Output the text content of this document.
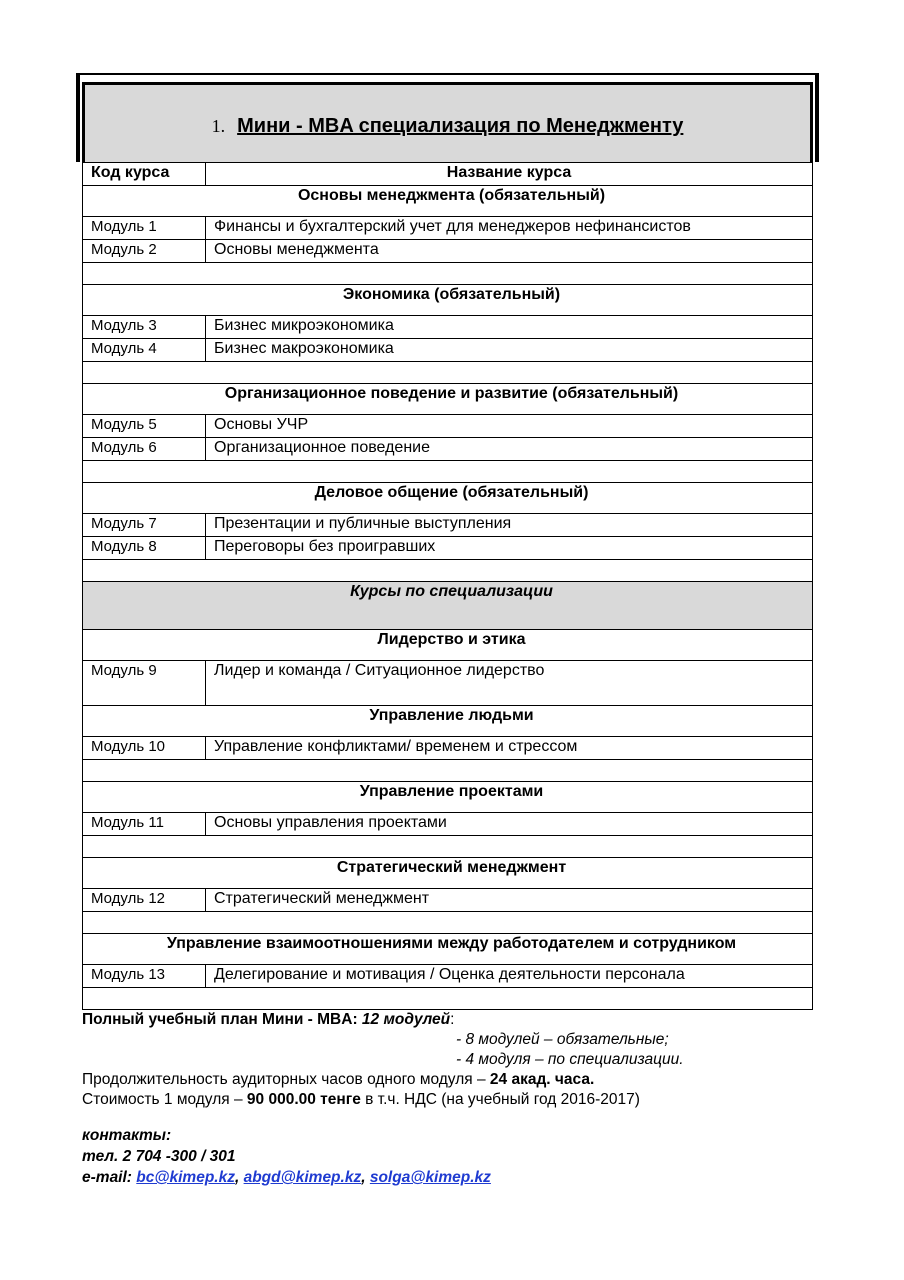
1. Мини - MBA специализация по Менеджменту
Код курса	Название курса
Основы менеджмента (обязательный)	
Модуль 1	Финансы и бухгалтерский учет для менеджеров нефинансистов
Модуль 2	Основы менеджмента

Экономика (обязательный)	
Модуль 3	Бизнес микроэкономика
Модуль 4	Бизнес макроэкономика

Организационное поведение и развитие (обязательный)	
Модуль 5	Основы УЧР
Модуль 6	Организационное поведение

Деловое общение (обязательный)	
Модуль 7	Презентации и публичные выступления
Модуль 8	Переговоры без проигравших

Курсы по специализации	
Лидерство и этика	
Модуль 9	Лидер и команда / Ситуационное лидерство
Управление людьми	
Модуль 10	Управление конфликтами/ временем и стрессом

Управление проектами	
Модуль 11	Основы управления проектами

Стратегический менеджмент	
Модуль 12	Стратегический менеджмент

Управление взаимоотношениями между работодателем и сотрудником	
Модуль 13	Делегирование и мотивация / Оценка деятельности персонала

Полный учебный план Мини - MBA: 12 модулей:
- 8 модулей – обязательные;
- 4 модуля – по специализации.
Продолжительность аудиторных часов одного модуля – 24 акад. часа.
Стоимость 1 модуля – 90 000.00 тенге в т.ч. НДС (на учебный год 2016-2017)
контакты:
тел. 2 704 -300 / 301
e-mail: bc@kimep.kz, abgd@kimep.kz, solga@kimep.kz
